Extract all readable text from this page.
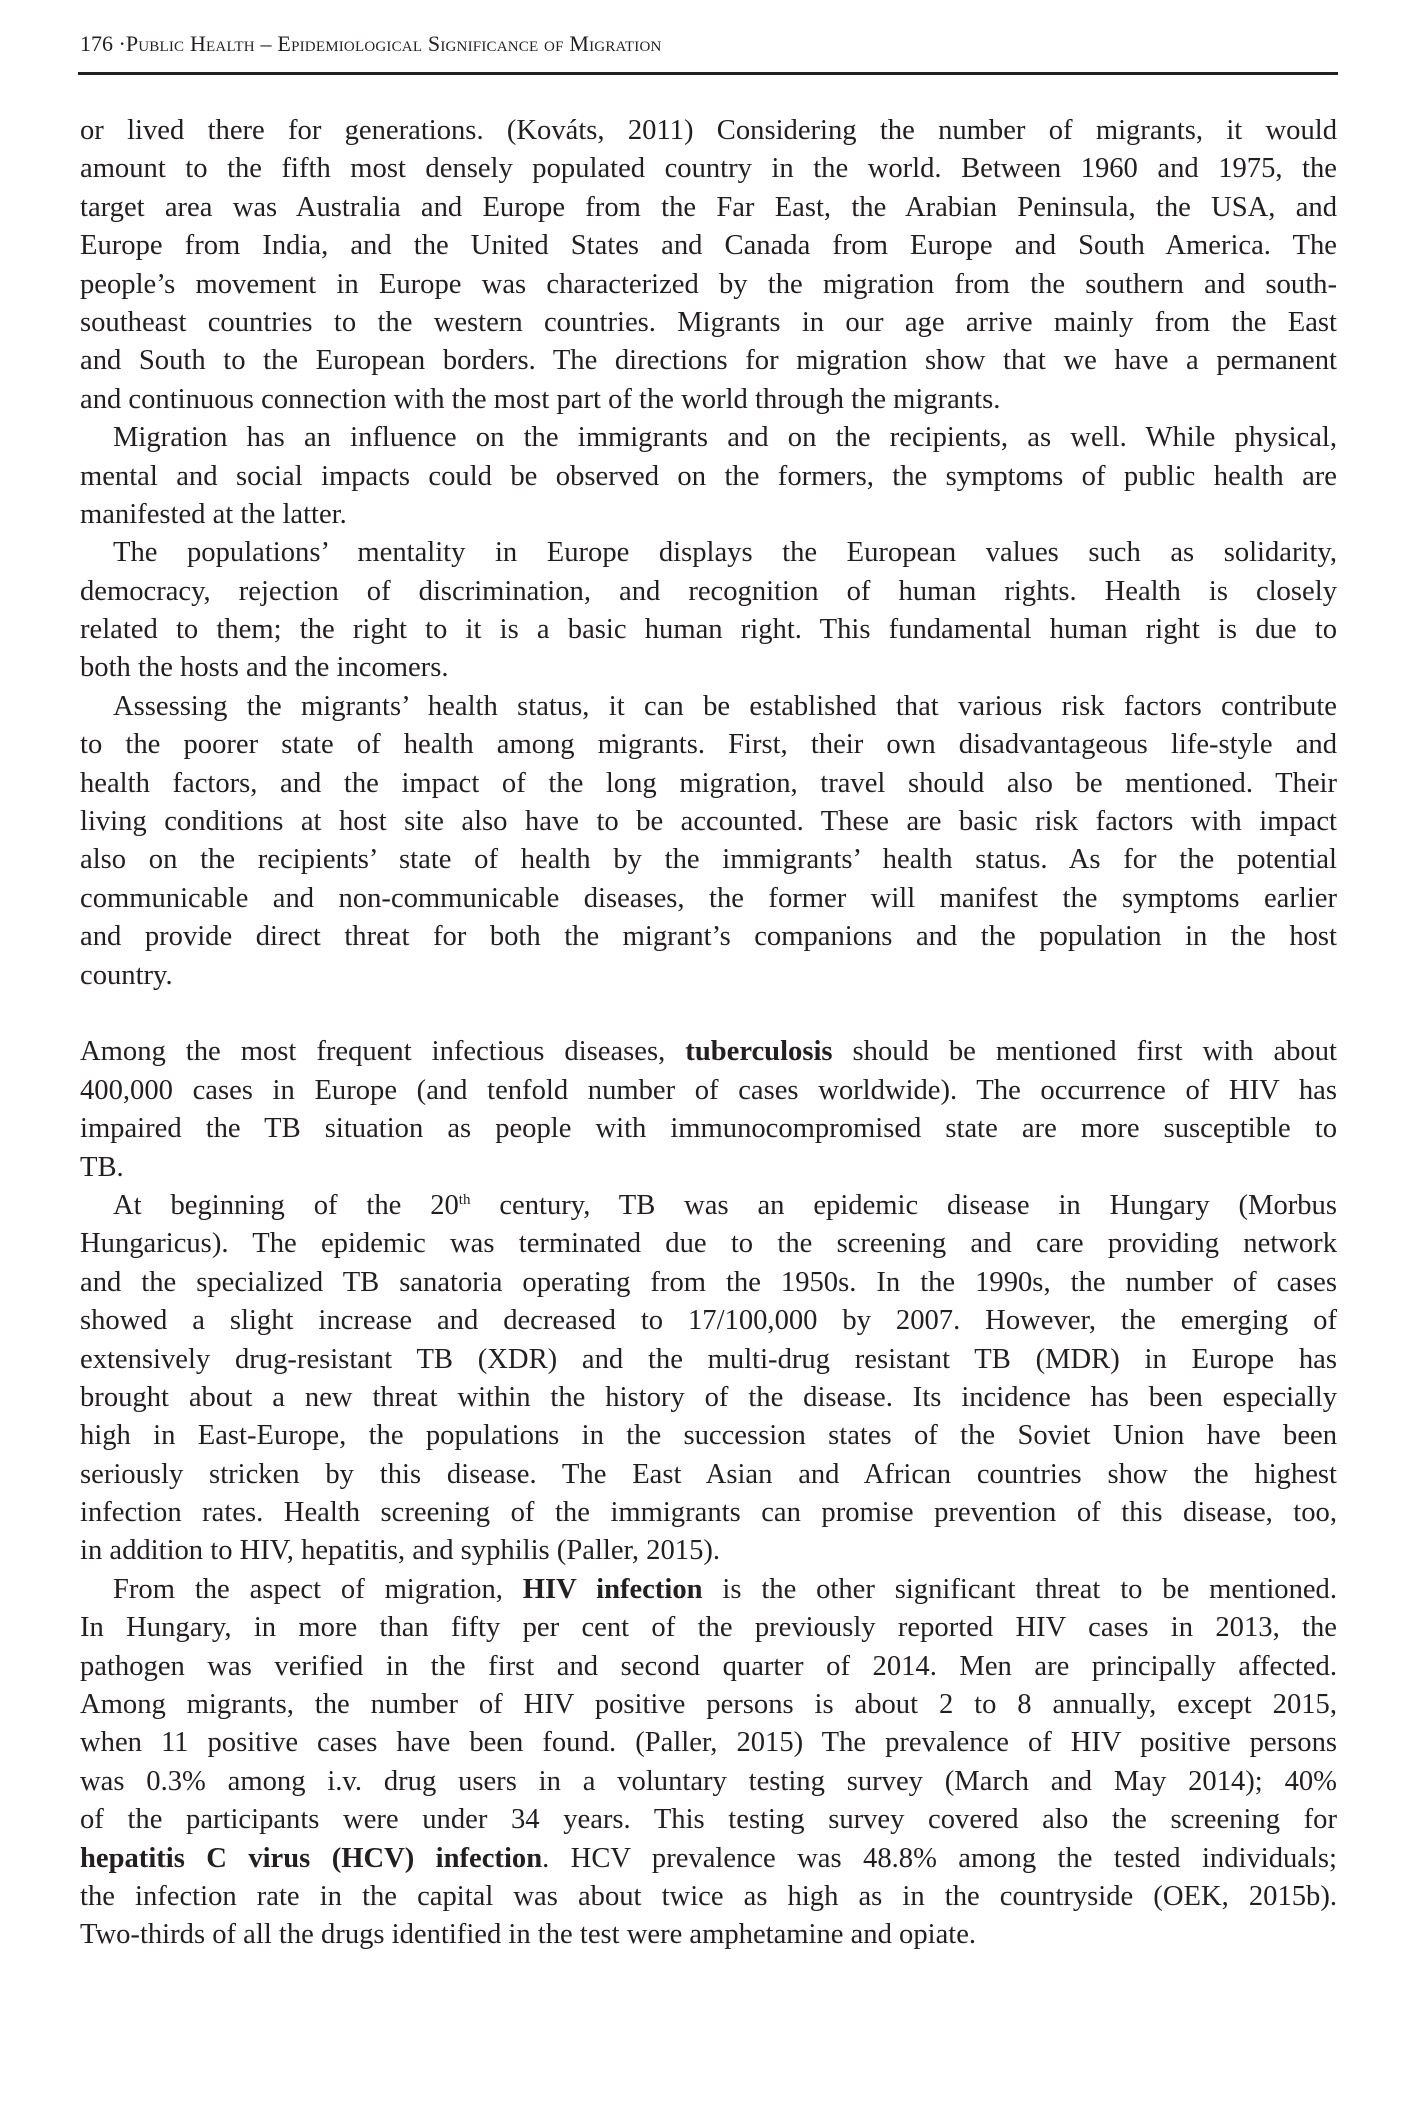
176 ·Public Health – Epidemiological Significance of Migration
or lived there for generations. (Kováts, 2011) Considering the number of migrants, it would
amount to the fifth most densely populated country in the world. Between 1960 and 1975, the
target area was Australia and Europe from the Far East, the Arabian Peninsula, the USA, and
Europe from India, and the United States and Canada from Europe and South America. The
people’s movement in Europe was characterized by the migration from the southern and south-
southeast countries to the western countries. Migrants in our age arrive mainly from the East
and South to the European borders. The directions for migration show that we have a permanent
and continuous connection with the most part of the world through the migrants.
Migration has an influence on the immigrants and on the recipients, as well. While physical,
mental and social impacts could be observed on the formers, the symptoms of public health are
manifested at the latter.
The populations’ mentality in Europe displays the European values such as solidarity,
democracy, rejection of discrimination, and recognition of human rights. Health is closely
related to them; the right to it is a basic human right. This fundamental human right is due to
both the hosts and the incomers.
Assessing the migrants’ health status, it can be established that various risk factors contribute
to the poorer state of health among migrants. First, their own disadvantageous life-style and
health factors, and the impact of the long migration, travel should also be mentioned. Their
living conditions at host site also have to be accounted. These are basic risk factors with impact
also on the recipients’ state of health by the immigrants’ health status. As for the potential
communicable and non-communicable diseases, the former will manifest the symptoms earlier
and provide direct threat for both the migrant’s companions and the population in the host
country.
Among the most frequent infectious diseases, tuberculosis should be mentioned first with about
400,000 cases in Europe (and tenfold number of cases worldwide). The occurrence of HIV has
impaired the TB situation as people with immunocompromised state are more susceptible to
TB.
At beginning of the 20th century, TB was an epidemic disease in Hungary (Morbus
Hungaricus). The epidemic was terminated due to the screening and care providing network
and the specialized TB sanatoria operating from the 1950s. In the 1990s, the number of cases
showed a slight increase and decreased to 17/100,000 by 2007. However, the emerging of
extensively drug-resistant TB (XDR) and the multi-drug resistant TB (MDR) in Europe has
brought about a new threat within the history of the disease. Its incidence has been especially
high in East-Europe, the populations in the succession states of the Soviet Union have been
seriously stricken by this disease. The East Asian and African countries show the highest
infection rates. Health screening of the immigrants can promise prevention of this disease, too,
in addition to HIV, hepatitis, and syphilis (Paller, 2015).
From the aspect of migration, HIV infection is the other significant threat to be mentioned.
In Hungary, in more than fifty per cent of the previously reported HIV cases in 2013, the
pathogen was verified in the first and second quarter of 2014. Men are principally affected.
Among migrants, the number of HIV positive persons is about 2 to 8 annually, except 2015,
when 11 positive cases have been found. (Paller, 2015) The prevalence of HIV positive persons
was 0.3% among i.v. drug users in a voluntary testing survey (March and May 2014); 40%
of the participants were under 34 years. This testing survey covered also the screening for
hepatitis C virus (HCV) infection. HCV prevalence was 48.8% among the tested individuals;
the infection rate in the capital was about twice as high as in the countryside (OEK, 2015b).
Two-thirds of all the drugs identified in the test were amphetamine and opiate.
